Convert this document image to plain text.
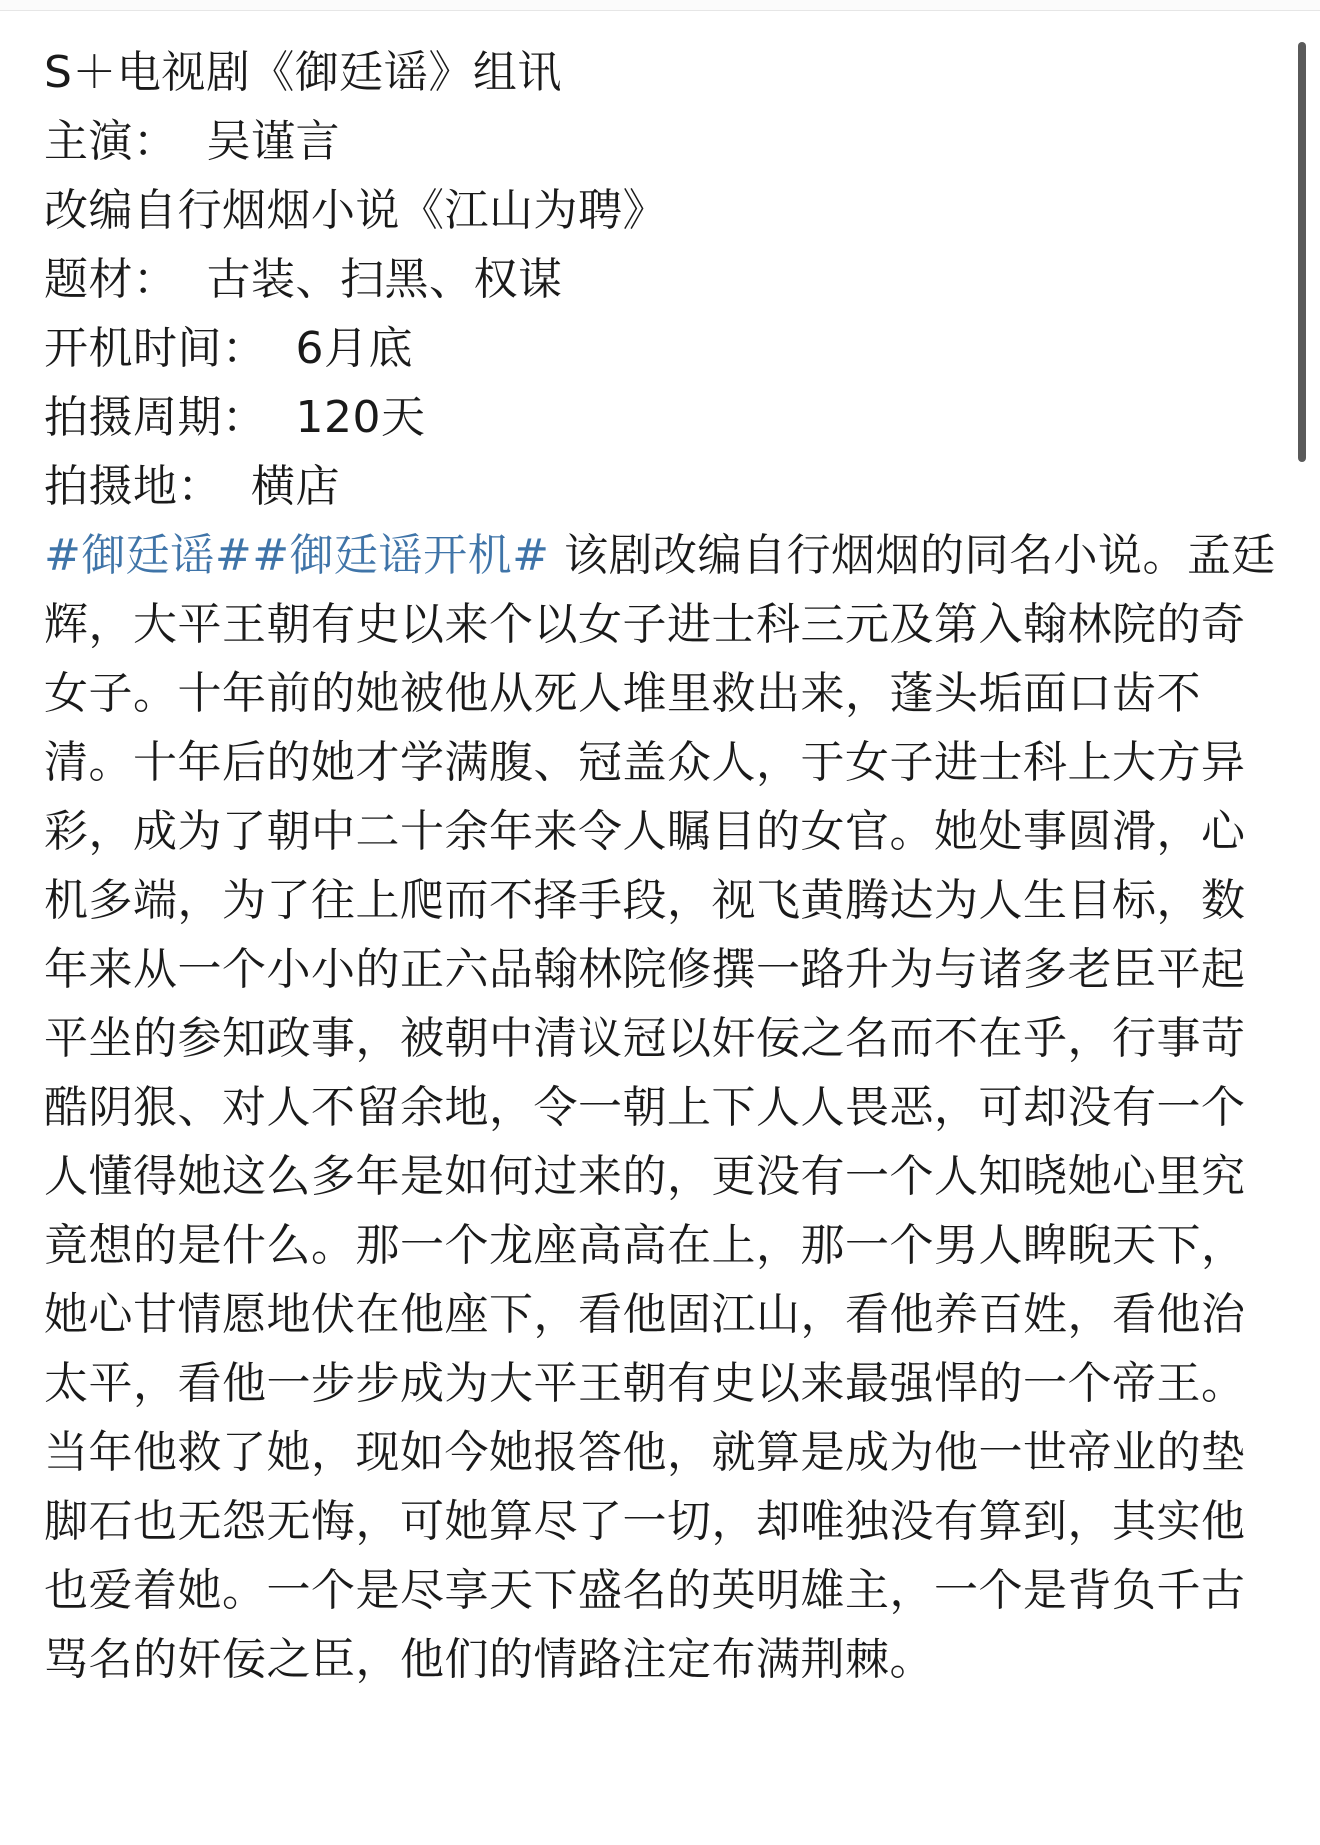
S＋电视剧《御廷谣》组讯

主演：  吴谨言

改编自行烟烟小说《江山为聘》

题材：  古装、扫黑、权谋

开机时间：  6月底

拍摄周期：  120天

拍摄地：  横店

#御廷谣##御廷谣开机# 该剧改编自行烟烟的同名小说。孟廷辉，大平王朝有史以来个以女子进士科三元及第入翰林院的奇女子。十年前的她被他从死人堆里救出来，蓬头垢面口齿不清。十年后的她才学满腹、冠盖众人，于女子进士科上大方异彩，成为了朝中二十余年来令人瞩目的女官。她处事圆滑，心机多端，为了往上爬而不择手段，视飞黄腾达为人生目标，数年来从一个小小的正六品翰林院修撰一路升为与诸多老臣平起平坐的参知政事，被朝中清议冠以奸佞之名而不在乎，行事苛酷阴狠、对人不留余地，令一朝上下人人畏恶，可却没有一个人懂得她这么多年是如何过来的，更没有一个人知晓她心里究竟想的是什么。那一个龙座高高在上，那一个男人睥睨天下，她心甘情愿地伏在他座下，看他固江山，看他养百姓，看他治太平，看他一步步成为大平王朝有史以来最强悍的一个帝王。当年他救了她，现如今她报答他，就算是成为他一世帝业的垫脚石也无怨无悔，可她算尽了一切，却唯独没有算到，其实他也爱着她。一个是尽享天下盛名的英明雄主，一个是背负千古骂名的奸佞之臣，他们的情路注定布满荆棘。
